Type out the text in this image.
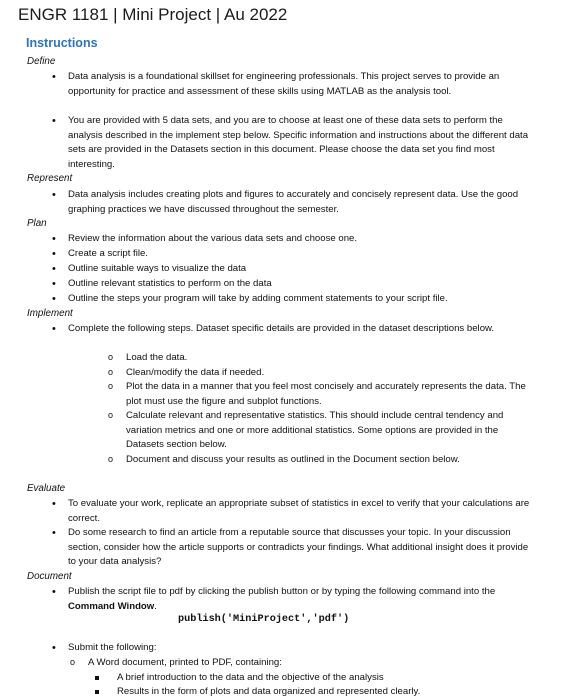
ENGR 1181 | Mini Project | Au 2022
Instructions
Define
• Data analysis is a foundational skillset for engineering professionals. This project serves to provide an opportunity for practice and assessment of these skills using MATLAB as the analysis tool.
• You are provided with 5 data sets, and you are to choose at least one of these data sets to perform the analysis described in the implement step below. Specific information and instructions about the different data sets are provided in the Datasets section in this document. Please choose the data set you find most interesting.
Represent
• Data analysis includes creating plots and figures to accurately and concisely represent data. Use the good graphing practices we have discussed throughout the semester.
Plan
• Review the information about the various data sets and choose one.
• Create a script file.
• Outline suitable ways to visualize the data
• Outline relevant statistics to perform on the data
• Outline the steps your program will take by adding comment statements to your script file.
Implement
• Complete the following steps. Dataset specific details are provided in the dataset descriptions below.
o Load the data.
o Clean/modify the data if needed.
o Plot the data in a manner that you feel most concisely and accurately represents the data. The plot must use the figure and subplot functions.
o Calculate relevant and representative statistics. This should include central tendency and variation metrics and one or more additional statistics. Some options are provided in the Datasets section below.
o Document and discuss your results as outlined in the Document section below.
Evaluate
• To evaluate your work, replicate an appropriate subset of statistics in excel to verify that your calculations are correct.
• Do some research to find an article from a reputable source that discusses your topic. In your discussion section, consider how the article supports or contradicts your findings. What additional insight does it provide to your data analysis?
Document
• Publish the script file to pdf by clicking the publish button or by typing the following command into the Command Window.
publish('MiniProject','pdf')
• Submit the following:
o A Word document, printed to PDF, containing:
A brief introduction to the data and the objective of the analysis
Results in the form of plots and data organized and represented clearly.
